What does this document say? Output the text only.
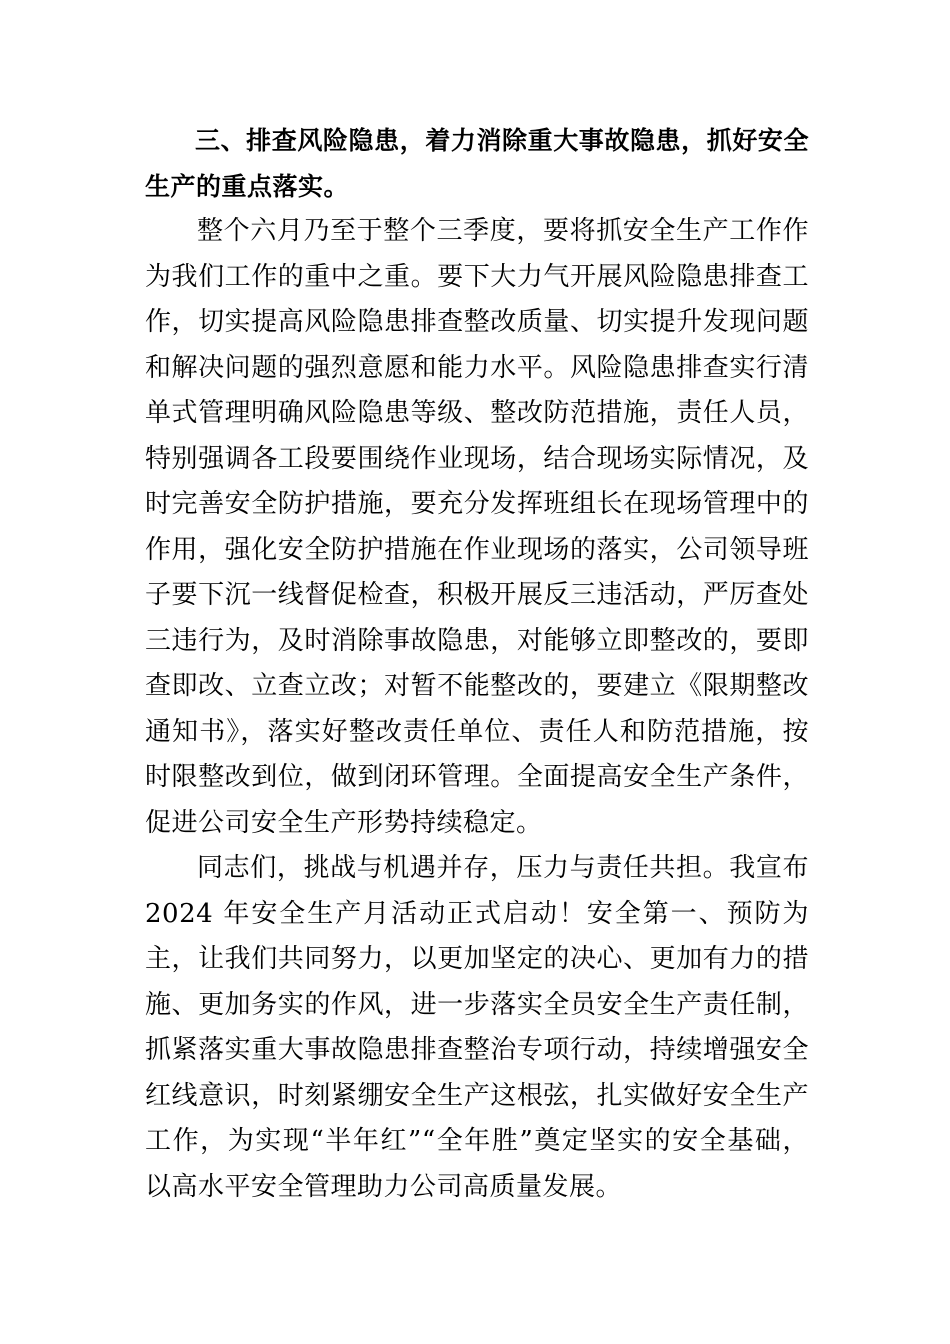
三、排查风险隐患，着力消除重大事故隐患，抓好安全生产的重点落实。

整个六月乃至于整个三季度，要将抓安全生产工作作为我们工作的重中之重。要下大力气开展风险隐患排查工作，切实提高风险隐患排查整改质量、切实提升发现问题和解决问题的强烈意愿和能力水平。风险隐患排查实行清单式管理明确风险隐患等级、整改防范措施，责任人员，特别强调各工段要围绕作业现场，结合现场实际情况，及时完善安全防护措施，要充分发挥班组长在现场管理中的作用，强化安全防护措施在作业现场的落实，公司领导班子要下沉一线督促检查，积极开展反三违活动，严厉查处三违行为，及时消除事故隐患，对能够立即整改的，要即查即改、立查立改；对暂不能整改的，要建立《限期整改通知书》，落实好整改责任单位、责任人和防范措施，按时限整改到位，做到闭环管理。全面提高安全生产条件，促进公司安全生产形势持续稳定。

同志们，挑战与机遇并存，压力与责任共担。我宣布 2024 年安全生产月活动正式启动！安全第一、预防为主，让我们共同努力，以更加坚定的决心、更加有力的措施、更加务实的作风，进一步落实全员安全生产责任制，抓紧落实重大事故隐患排查整治专项行动，持续增强安全红线意识，时刻紧绷安全生产这根弦，扎实做好安全生产工作，为实现“半年红”“全年胜”奠定坚实的安全基础，以高水平安全管理助力公司高质量发展。
